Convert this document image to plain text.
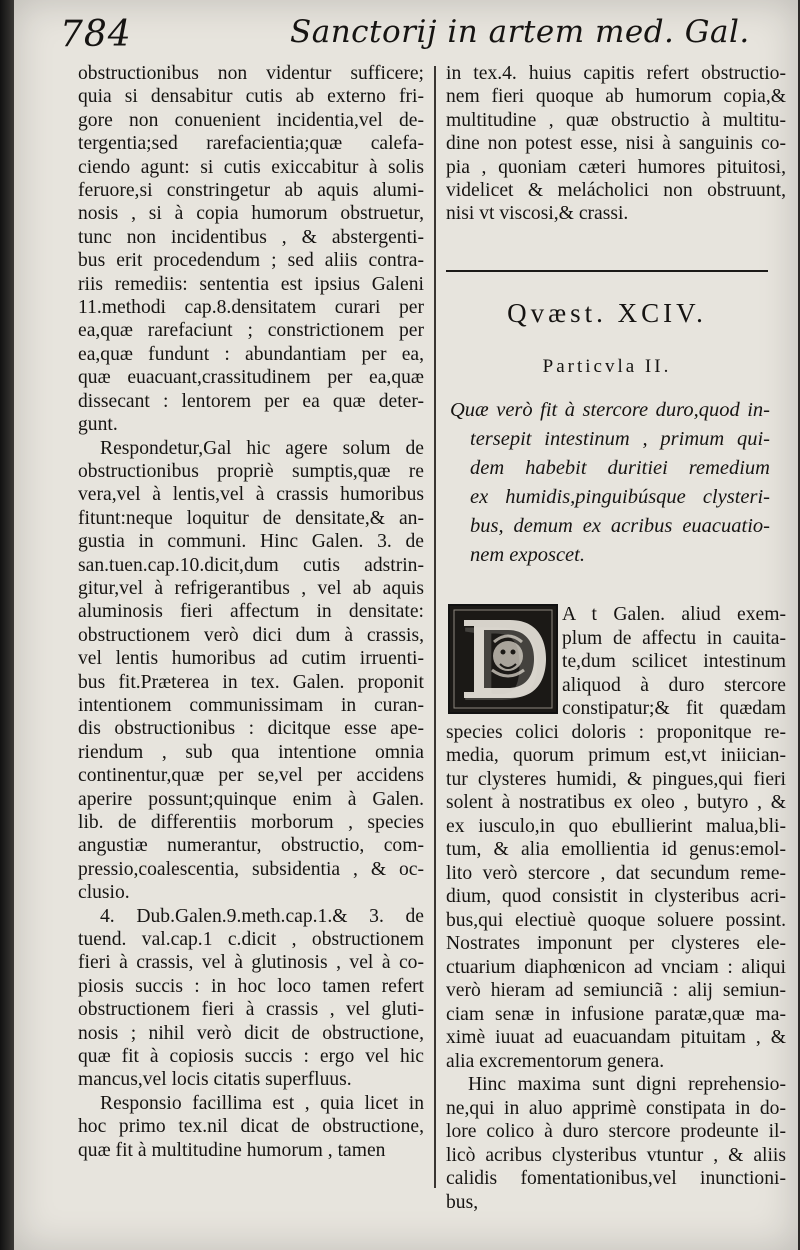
784	Sanctorij in artem med. Gal.
obstructionibus non videntur sufficere;
quia si densabitur cutis ab externo fri-
gore non conuenient incidentia,vel de-
tergentia;sed rarefacientia;quæ calefa-
ciendo agunt: si cutis exiccabitur à solis
feruore,si constringetur ab aquis alumi-
nosis , si à copia humorum obstruetur,
tunc non incidentibus , & abstergenti-
bus erit procedendum ; sed aliis contra-
riis remediis: sententia est ipsius Galeni
11.methodi cap.8.densitatem curari per
ea,quæ rarefaciunt ; constrictionem per
ea,quæ fundunt : abundantiam per ea,
quæ euacuant,crassitudinem per ea,quæ
dissecant : lentorem per ea quæ deter-
gunt.
Respondetur,Gal hic agere solum de
obstructionibus propriè sumptis,quæ re
vera,vel à lentis,vel à crassis humoribus
fitunt:neque loquitur de densitate,& an-
gustia in communi. Hinc Galen. 3. de
san.tuen.cap.10.dicit,dum cutis adstrin-
gitur,vel à refrigerantibus , vel ab aquis
aluminosis fieri affectum in densitate:
obstructionem verò dici dum à crassis,
vel lentis humoribus ad cutim irruenti-
bus fit.Præterea in tex. Galen. proponit
intentionem communissimam in curan-
dis obstructionibus : dicitque esse ape-
riendum , sub qua intentione omnia
continentur,quæ per se,vel per accidens
aperire possunt;quinque enim à Galen.
lib. de differentiis morborum , species
angustiæ numerantur, obstructio, com-
pressio,coalescentia, subsidentia , & oc-
clusio.
4. Dub.Galen.9.meth.cap.1.& 3. de
tuend. val.cap.1 c.dicit , obstructionem
fieri à crassis, vel à glutinosis , vel à co-
piosis succis : in hoc loco tamen refert
obstructionem fieri à crassis , vel gluti-
nosis ; nihil verò dicit de obstructione,
quæ fit à copiosis succis : ergo vel hic
mancus,vel locis citatis superfluus.
Responsio facillima est , quia licet in
hoc primo tex.nil dicat de obstructione,
quæ fit à multitudine humorum , tamen
in tex.4. huius capitis refert obstructio-
nem fieri quoque ab humorum copia,&
multitudine , quæ obstructio à multitu-
dine non potest esse, nisi à sanguinis co-
pia , quoniam cæteri humores pituitosi,
videlicet & melácholici non obstruunt,
nisi vt viscosi,& crassi.
Qvæst. XCIV.
Particvla II.
Quæ verò fit à stercore duro,quod in-
tersepit intestinum , primum qui-
dem habebit duritiei remedium
ex humidis,pinguibúsque clysteri-
bus, demum ex acribus euacuatio-
nem exposcet.
D A t Galen. aliud exem-
plum de affectu in cauita-
te,dum scilicet intestinum
aliquod à duro stercore
constipatur;& fit quædam
species colici doloris : proponitque re-
media, quorum primum est,vt iniician-
tur clysteres humidi, & pingues,qui fieri
solent à nostratibus ex oleo , butyro , &
ex iusculo,in quo ebullierint malua,bli-
tum, & alia emollientia id genus:emol-
lito verò stercore , dat secundum reme-
dium, quod consistit in clysteribus acri-
bus,qui electiuè quoque soluere possint.
Nostrates imponunt per clysteres ele-
ctuarium diaphœnicon ad vnciam : aliqui
verò hieram ad semiunciã : alij semiun-
ciam senæ in infusione paratæ,quæ ma-
ximè iuuat ad euacuandam pituitam , &
alia excrementorum genera.
Hinc maxima sunt digni reprehensio-
ne,qui in aluo apprimè constipata in do-
lore colico à duro stercore prodeunte il-
licò acribus clysteribus vtuntur , & aliis
calidis fomentationibus,vel inunctioni-
bus,
